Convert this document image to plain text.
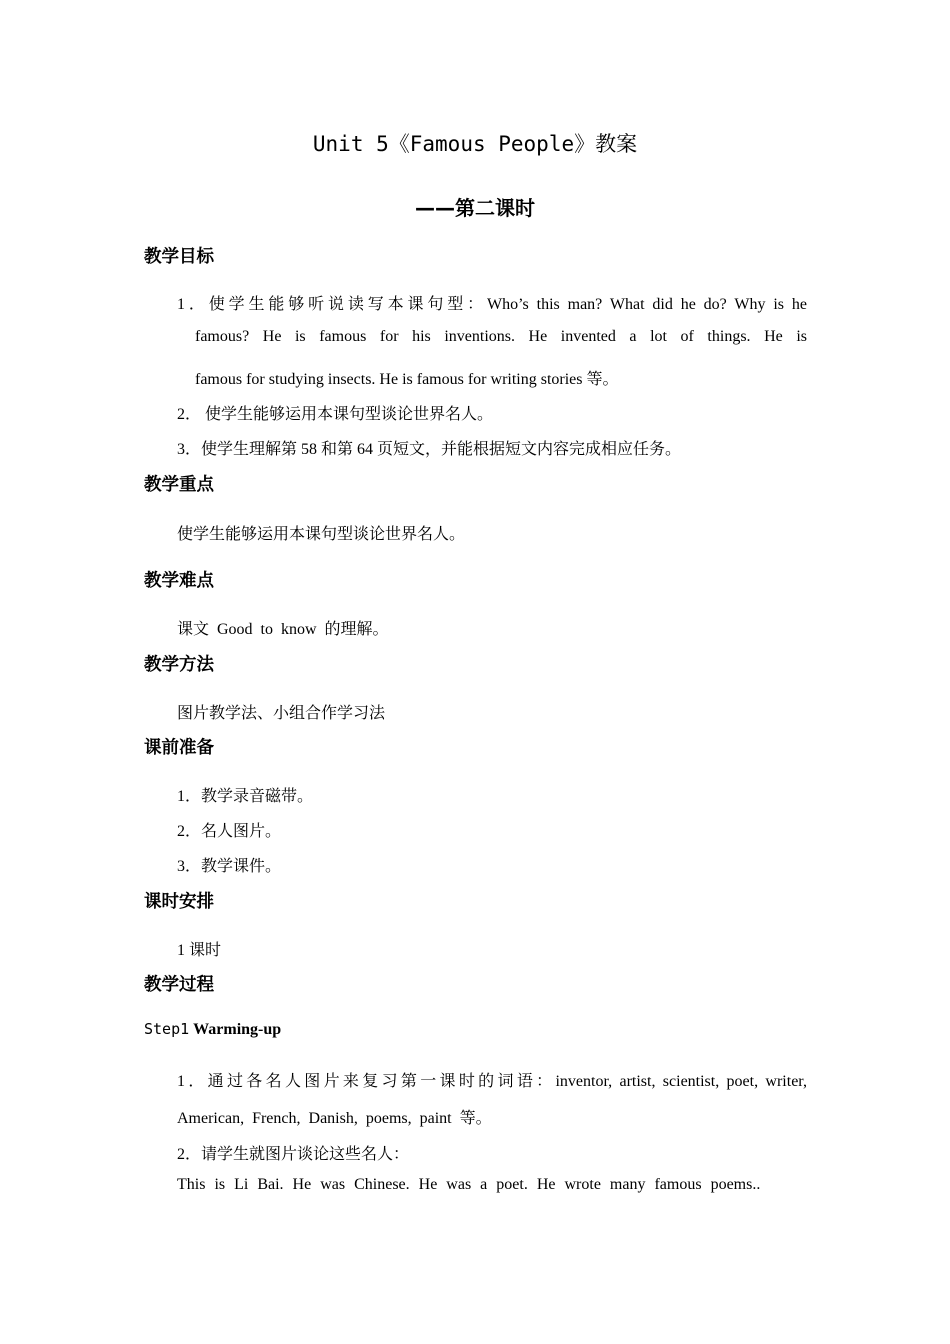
Unit 5《Famous People》教案
——第二课时
教学目标
1．使学生能够听说读写本课句型：Who’s this man? What did he do? Why is he
famous? He is famous for his inventions. He invented a lot of things. He is
famous for studying insects. He is famous for writing stories 等。
2． 使学生能够运用本课句型谈论世界名人。
3．使学生理解第 58 和第 64 页短文，并能根据短文内容完成相应任务。
教学重点
使学生能够运用本课句型谈论世界名人。
教学难点
课文 Good to know 的理解。
教学方法
图片教学法、小组合作学习法
课前准备
1．教学录音磁带。
2．名人图片。
3．教学课件。
课时安排
1 课时
教学过程
Step1 Warming-up
1．通过各名人图片来复习第一课时的词语：inventor, artist, scientist, poet, writer,
American, French, Danish, poems, paint 等。
2．请学生就图片谈论这些名人：
This is Li Bai. He was Chinese. He was a poet. He wrote many famous poems..
